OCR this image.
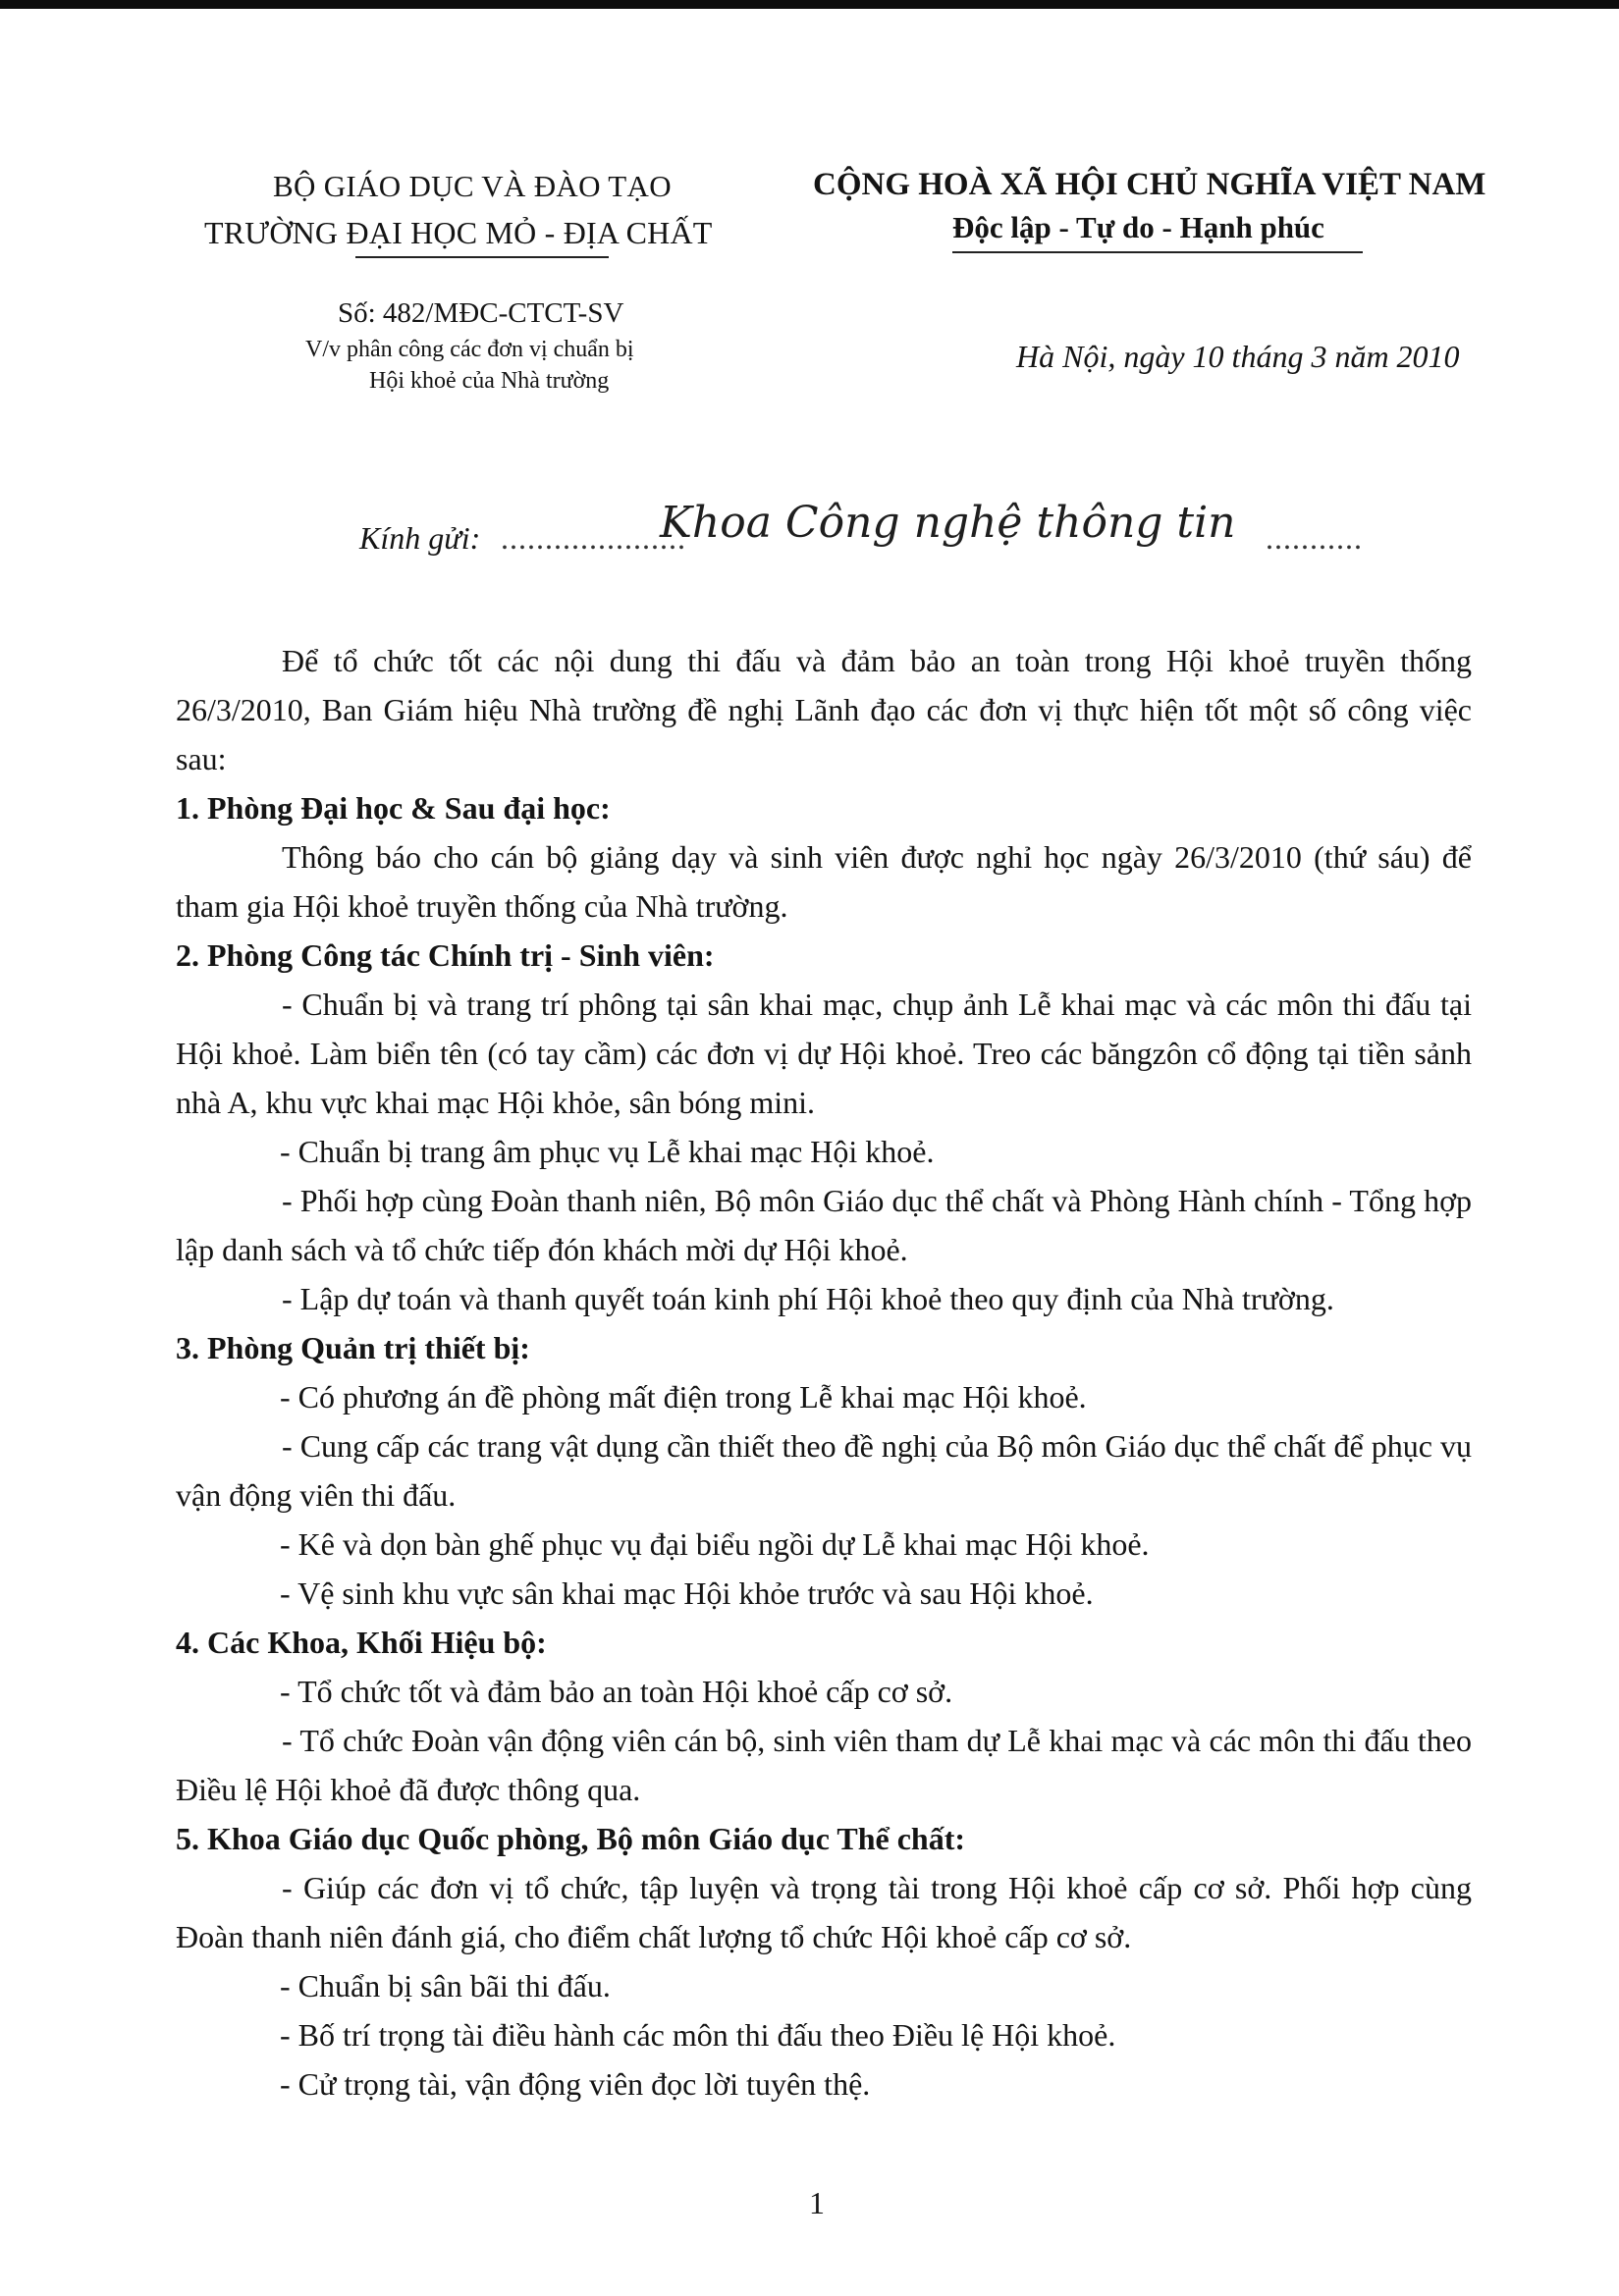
BỘ GIÁO DỤC VÀ ĐÀO TẠO
TRƯỜNG ĐẠI HỌC MỎ - ĐỊA CHẤT
CỘNG HOÀ XÃ HỘI CHỦ NGHĨA VIỆT NAM
Độc lập - Tự do - Hạnh phúc
Số: 482/MĐC-CTCT-SV
V/v phân công các đơn vị chuẩn bị
Hội khoẻ của Nhà trường
Hà Nội, ngày 10 tháng 3 năm 2010
Kính gửi: .....................	...........
Khoa Công nghệ thông tin

Để tổ chức tốt các nội dung thi đấu và đảm bảo an toàn trong Hội khoẻ truyền thống 26/3/2010, Ban Giám hiệu Nhà trường đề nghị Lãnh đạo các đơn vị thực hiện tốt một số công việc sau:

1. Phòng Đại học & Sau đại học:

Thông báo cho cán bộ giảng dạy và sinh viên được nghỉ học ngày 26/3/2010 (thứ sáu) để tham gia Hội khoẻ truyền thống của Nhà trường.

2. Phòng Công tác Chính trị - Sinh viên:

- Chuẩn bị và trang trí phông tại sân khai mạc, chụp ảnh Lễ khai mạc và các môn thi đấu tại Hội khoẻ. Làm biển tên (có tay cầm) các đơn vị dự Hội khoẻ. Treo các băngzôn cổ động tại tiền sảnh nhà A, khu vực khai mạc Hội khỏe, sân bóng mini.

- Chuẩn bị trang âm phục vụ Lễ khai mạc Hội khoẻ.

- Phối hợp cùng Đoàn thanh niên, Bộ môn Giáo dục thể chất và Phòng Hành chính - Tổng hợp lập danh sách và tổ chức tiếp đón khách mời dự Hội khoẻ.

- Lập dự toán và thanh quyết toán kinh phí Hội khoẻ theo quy định của Nhà trường.

3. Phòng Quản trị thiết bị:

- Có phương án đề phòng mất điện trong Lễ khai mạc Hội khoẻ.

- Cung cấp các trang vật dụng cần thiết theo đề nghị của Bộ môn Giáo dục thể chất để phục vụ vận động viên thi đấu.

- Kê và dọn bàn ghế phục vụ đại biểu ngồi dự Lễ khai mạc Hội khoẻ.

- Vệ sinh khu vực sân khai mạc Hội khỏe trước và sau Hội khoẻ.

4. Các Khoa, Khối Hiệu bộ:

- Tổ chức tốt và đảm bảo an toàn Hội khoẻ cấp cơ sở.

- Tổ chức Đoàn vận động viên cán bộ, sinh viên tham dự Lễ khai mạc và các môn thi đấu theo Điều lệ Hội khoẻ đã được thông qua.

5. Khoa Giáo dục Quốc phòng, Bộ môn Giáo dục Thể chất:

- Giúp các đơn vị tổ chức, tập luyện và trọng tài trong Hội khoẻ cấp cơ sở. Phối hợp cùng Đoàn thanh niên đánh giá, cho điểm chất lượng tổ chức Hội khoẻ cấp cơ sở.

- Chuẩn bị sân bãi thi đấu.

- Bố trí trọng tài điều hành các môn thi đấu theo Điều lệ Hội khoẻ.

- Cử trọng tài, vận động viên đọc lời tuyên thệ.

1
